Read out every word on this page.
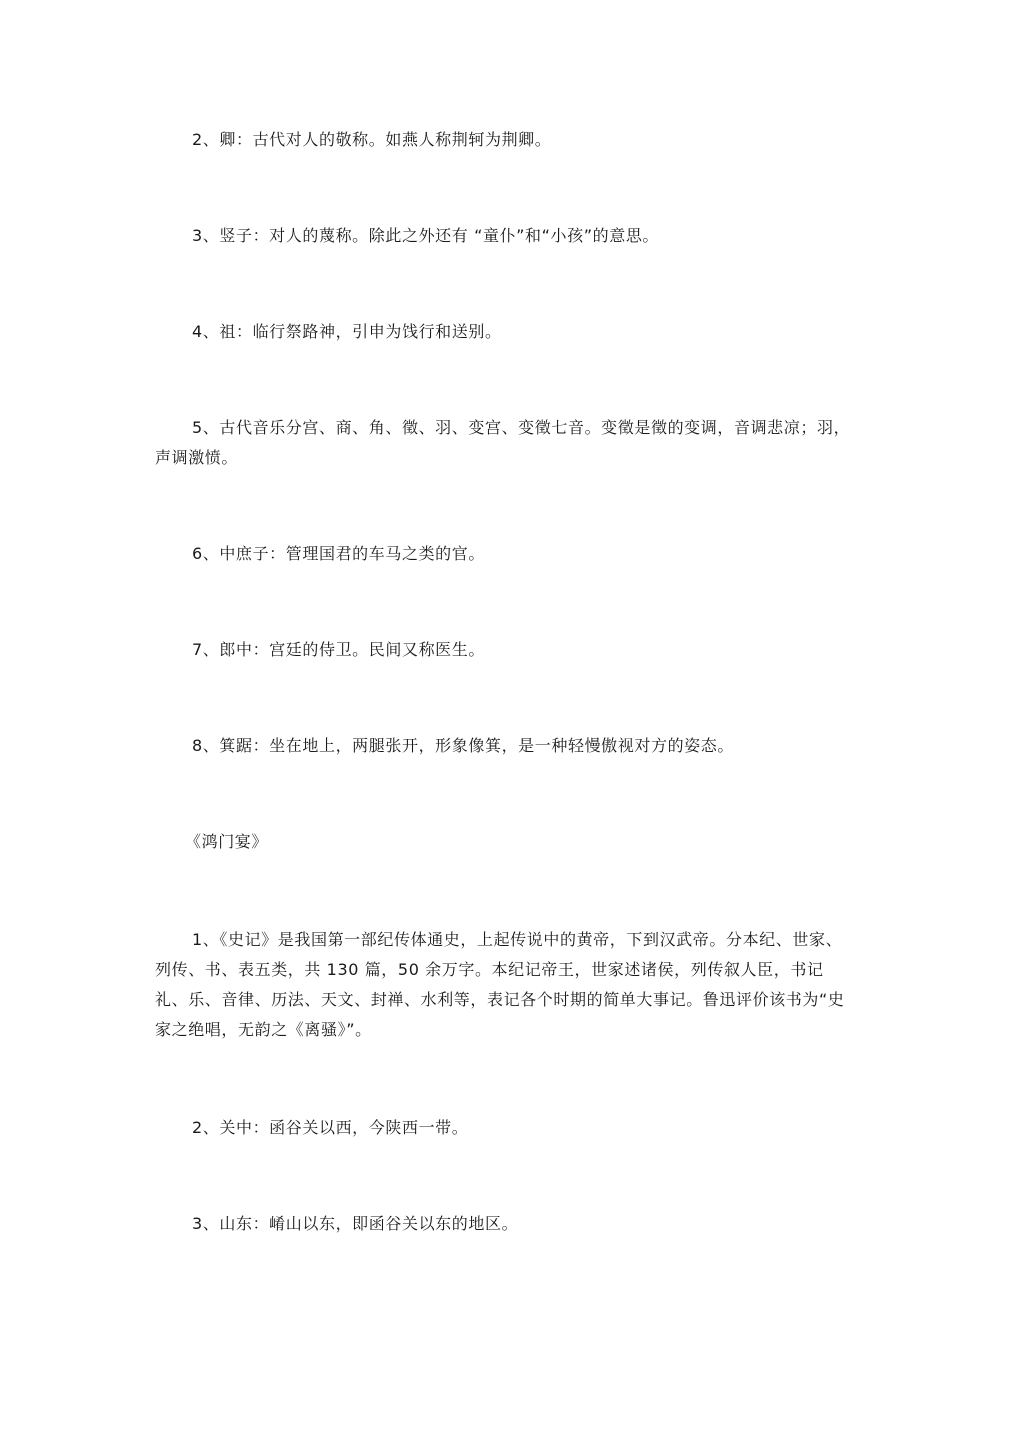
2、卿：古代对人的敬称。如燕人称荆轲为荆卿。

3、竖子：对人的蔑称。除此之外还有 “童仆”和“小孩”的意思。

4、祖：临行祭路神，引申为饯行和送别。

5、古代音乐分宫、商、角、徵、羽、变宫、变徵七音。变徵是徵的变调，音调悲凉；羽，声调激愤。

6、中庶子：管理国君的车马之类的官。

7、郎中：宫廷的侍卫。民间又称医生。

8、箕踞：坐在地上，两腿张开，形象像箕，是一种轻慢傲视对方的姿态。

《鸿门宴》

1、《史记》是我国第一部纪传体通史，上起传说中的黄帝，下到汉武帝。分本纪、世家、列传、书、表五类，共 130 篇，50 余万字。本纪记帝王，世家述诸侯，列传叙人臣，书记礼、乐、音律、历法、天文、封禅、水利等，表记各个时期的简单大事记。鲁迅评价该书为“史家之绝唱，无韵之《离骚》”。

2、关中：函谷关以西，今陕西一带。

3、山东：崤山以东，即函谷关以东的地区。
